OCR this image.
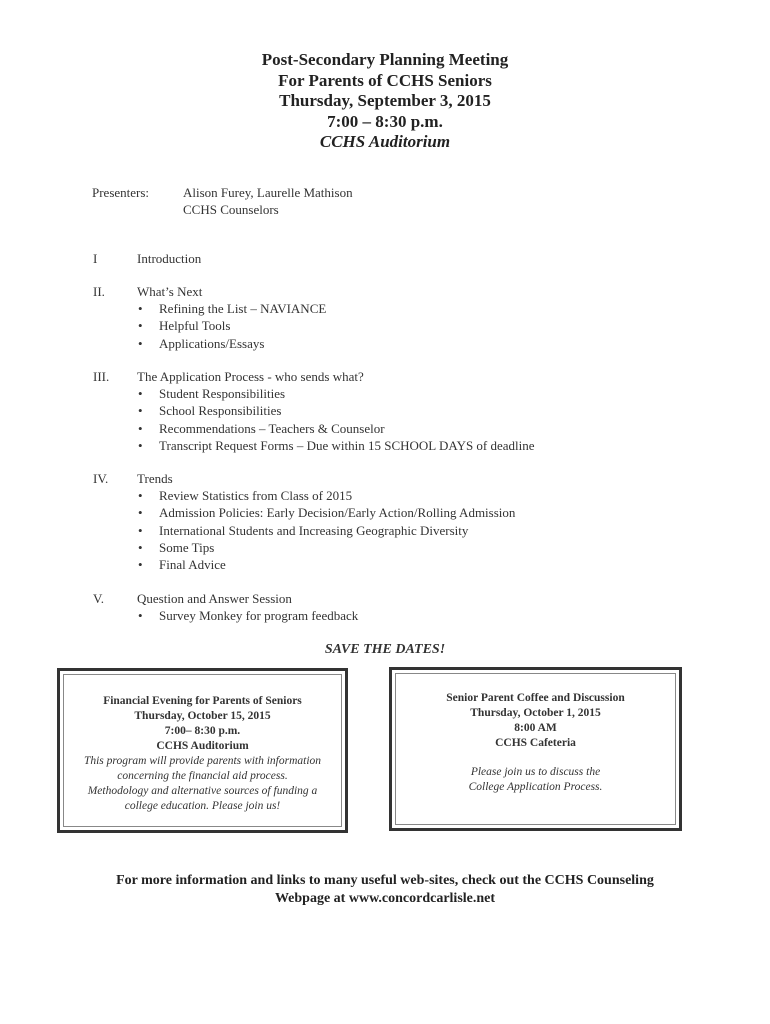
Post-Secondary Planning Meeting
For Parents of CCHS Seniors
Thursday, September 3, 2015
7:00 – 8:30 p.m.
CCHS Auditorium
Presenters:	Alison Furey, Laurelle Mathison
CCHS Counselors
I	Introduction
II. What’s Next
• Refining the List – NAVIANCE
• Helpful Tools
• Applications/Essays
III. The Application Process - who sends what?
• Student Responsibilities
• School Responsibilities
• Recommendations – Teachers & Counselor
• Transcript Request Forms – Due within 15 SCHOOL DAYS of deadline
IV. Trends
• Review Statistics from Class of 2015
• Admission Policies: Early Decision/Early Action/Rolling Admission
• International Students and Increasing Geographic Diversity
• Some Tips
• Final Advice
V.	Question and Answer Session
• Survey Monkey for program feedback
SAVE THE DATES!
Financial Evening for Parents of Seniors
Thursday, October 15, 2015
7:00– 8:30 p.m.
CCHS Auditorium
This program will provide parents with information
concerning the financial aid process.
Methodology and alternative sources of funding a
college education. Please join us!
Senior Parent Coffee and Discussion
Thursday, October 1, 2015
8:00 AM
CCHS Cafeteria
Please join us to discuss the
College Application Process.
For more information and links to many useful web-sites, check out the CCHS Counseling
Webpage at www.concordcarlisle.net
